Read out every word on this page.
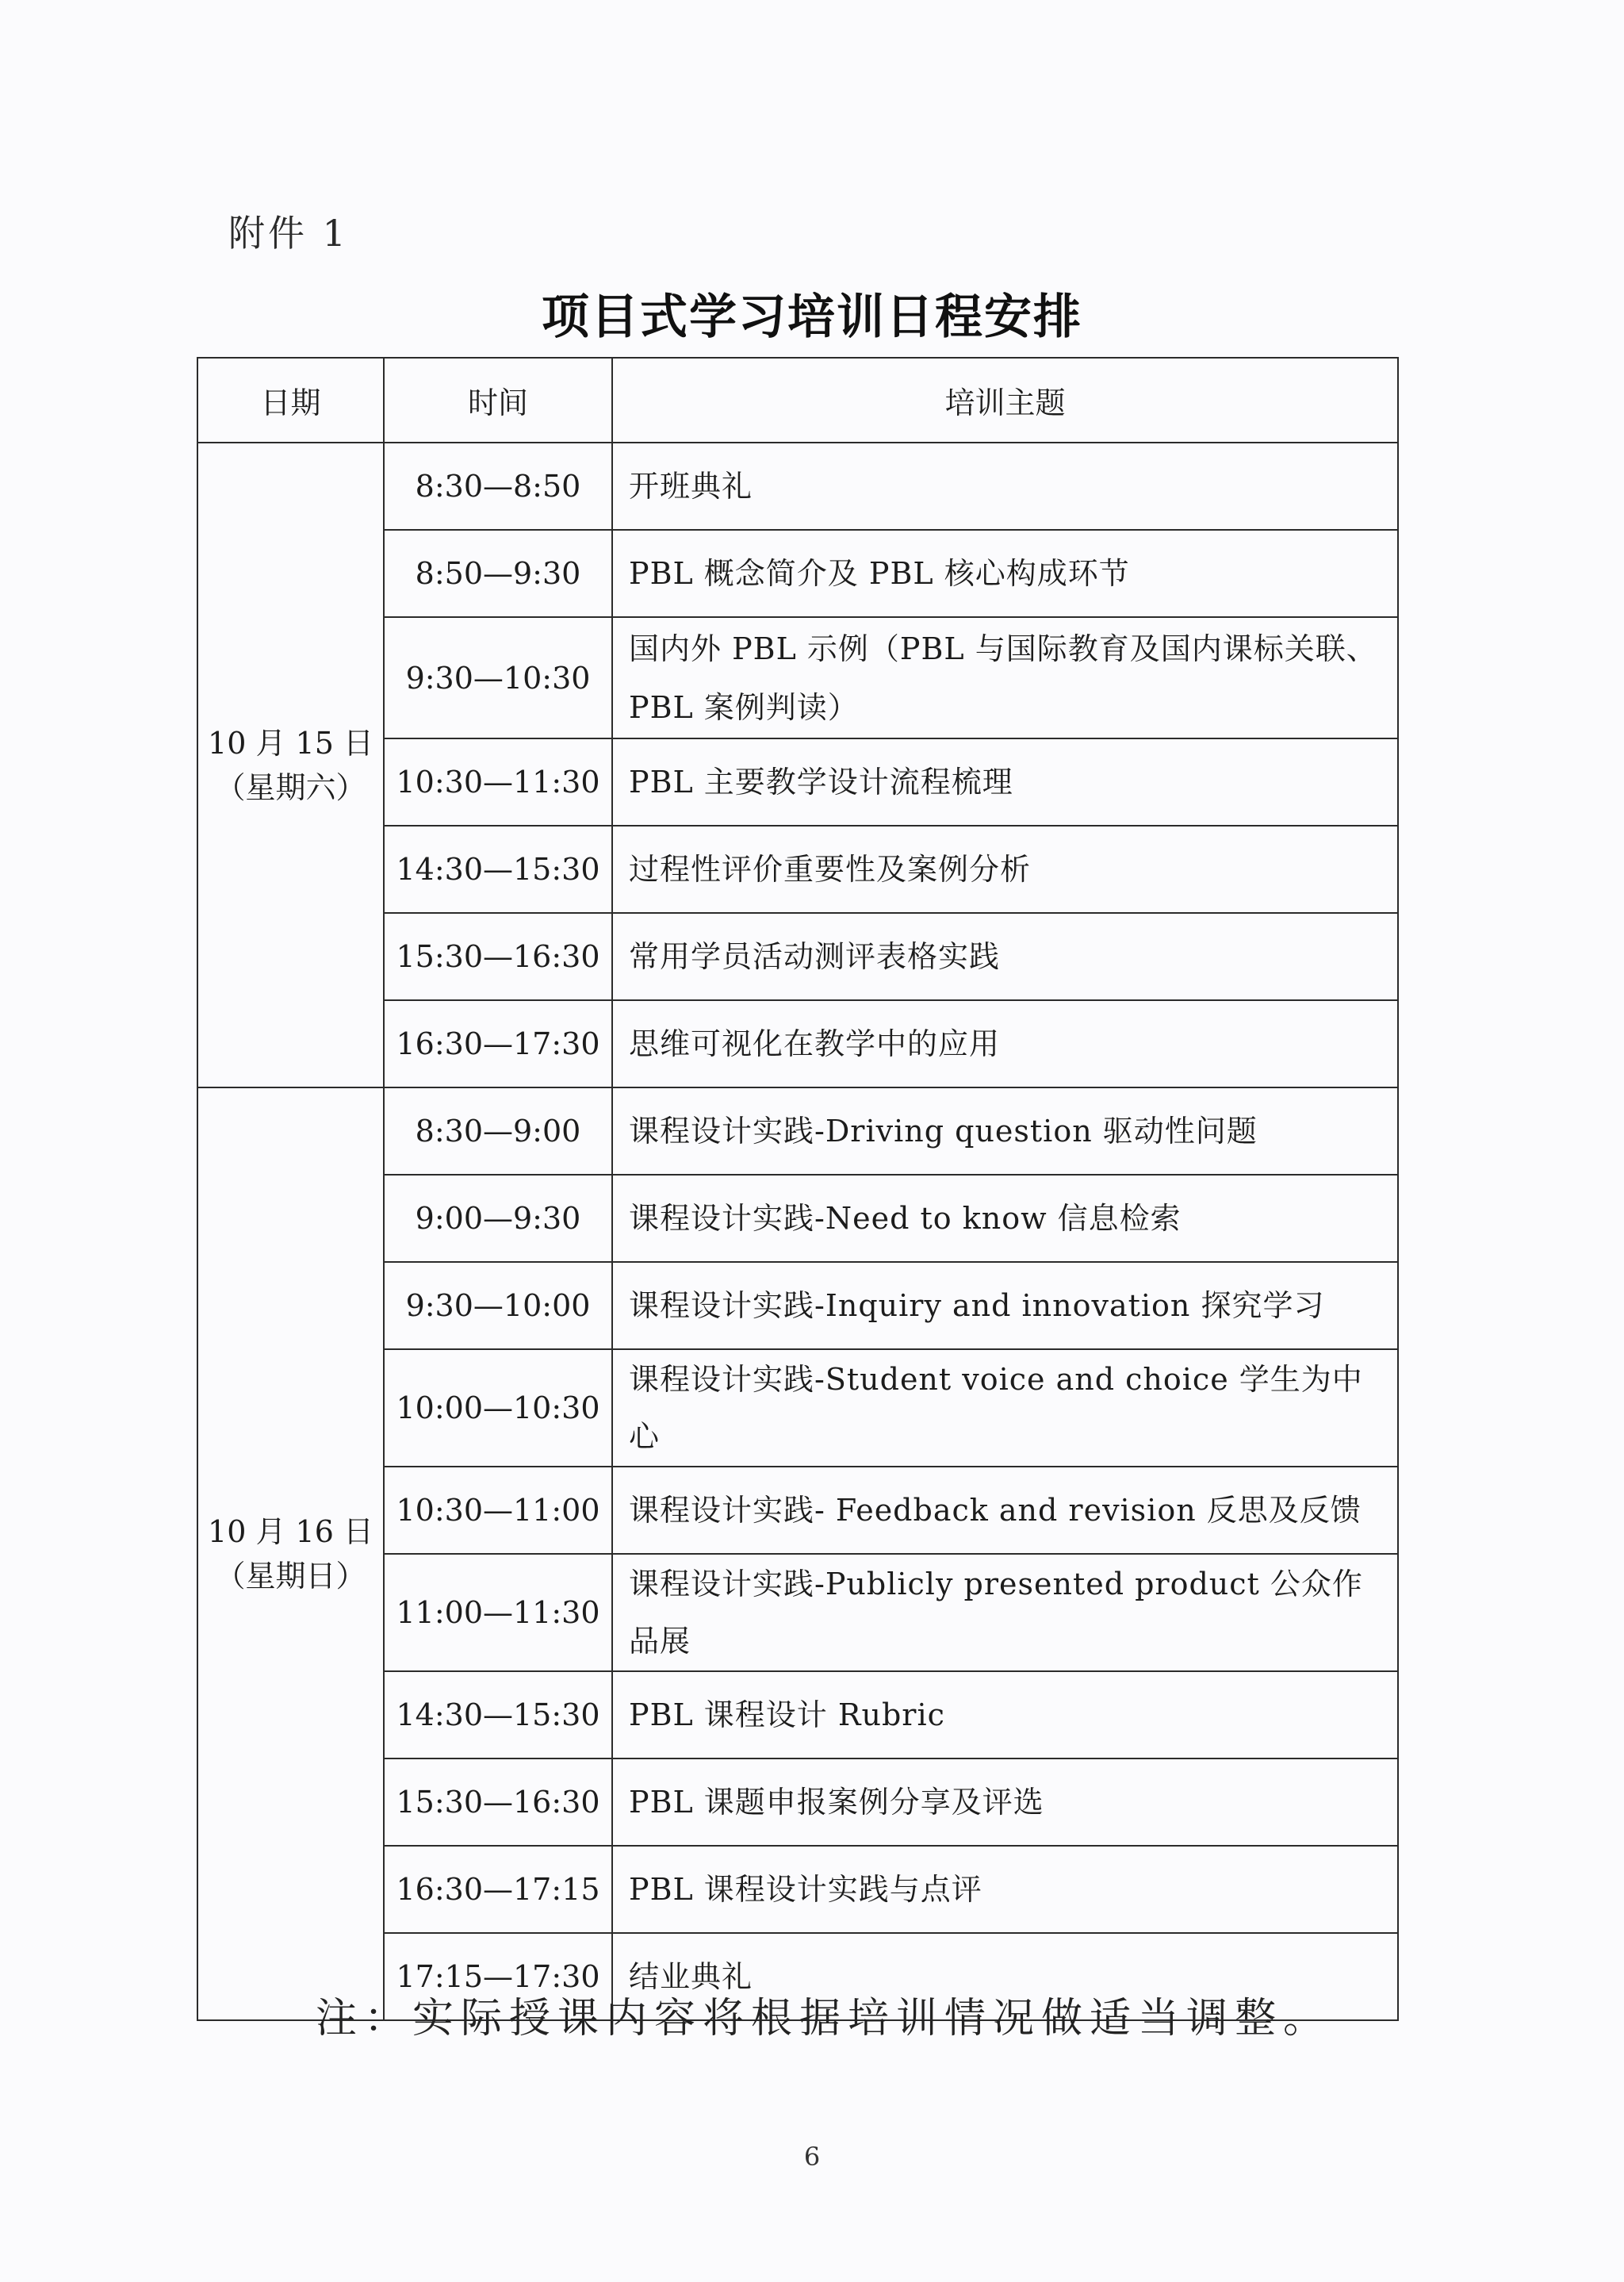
附件 1
项目式学习培训日程安排
日期	时间	培训主题

10 月 15 日
（星期六）	8:30—8:50	开班典礼
	8:50—9:30	PBL 概念简介及 PBL 核心构成环节
	9:30—10:30	国内外 PBL 示例（PBL 与国际教育及国内课标关联、PBL 案例判读）
	10:30—11:30	PBL 主要教学设计流程梳理
	14:30—15:30	过程性评价重要性及案例分析
	15:30—16:30	常用学员活动测评表格实践
	16:30—17:30	思维可视化在教学中的应用

10 月 16 日
（星期日）	8:30—9:00	课程设计实践-Driving question 驱动性问题
	9:00—9:30	课程设计实践-Need to know 信息检索
	9:30—10:00	课程设计实践-Inquiry and innovation 探究学习
	10:00—10:30	课程设计实践-Student voice and choice 学生为中心
	10:30—11:00	课程设计实践- Feedback and revision 反思及反馈
	11:00—11:30	课程设计实践-Publicly presented product 公众作品展
	14:30—15:30	PBL 课程设计 Rubric
	15:30—16:30	PBL 课题申报案例分享及评选
	16:30—17:15	PBL 课程设计实践与点评
	17:15—17:30	结业典礼
注：实际授课内容将根据培训情况做适当调整。
6
